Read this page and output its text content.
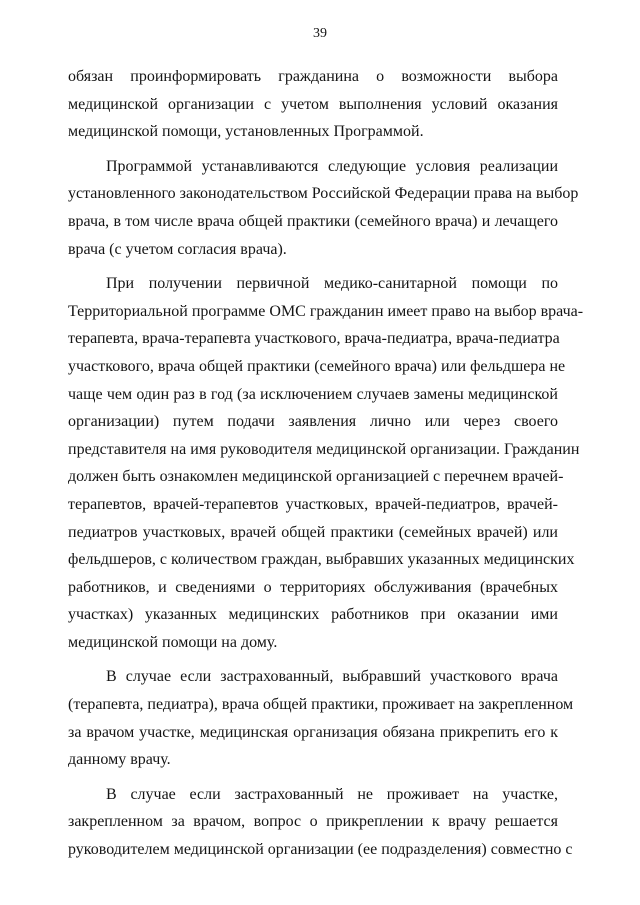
39
обязан проинформировать гражданина о возможности выбора
медицинской организации с учетом выполнения условий оказания
медицинской помощи, установленных Программой.
Программой устанавливаются следующие условия реализации
установленного законодательством Российской Федерации права на выбор
врача, в том числе врача общей практики (семейного врача) и лечащего
врача (с учетом согласия врача).
При получении первичной медико-санитарной помощи по
Территориальной программе ОМС гражданин имеет право на выбор врача-
терапевта, врача-терапевта участкового, врача-педиатра, врача-педиатра
участкового, врача общей практики (семейного врача) или фельдшера не
чаще чем один раз в год (за исключением случаев замены медицинской
организации) путем подачи заявления лично или через своего
представителя на имя руководителя медицинской организации. Гражданин
должен быть ознакомлен медицинской организацией с перечнем врачей-
терапевтов, врачей-терапевтов участковых, врачей-педиатров, врачей-
педиатров участковых, врачей общей практики (семейных врачей) или
фельдшеров, с количеством граждан, выбравших указанных медицинских
работников, и сведениями о территориях обслуживания (врачебных
участках) указанных медицинских работников при оказании ими
медицинской помощи на дому.
В случае если застрахованный, выбравший участкового врача
(терапевта, педиатра), врача общей практики, проживает на закрепленном
за врачом участке, медицинская организация обязана прикрепить его к
данному врачу.
В случае если застрахованный не проживает на участке,
закрепленном за врачом, вопрос о прикреплении к врачу решается
руководителем медицинской организации (ее подразделения) совместно с
